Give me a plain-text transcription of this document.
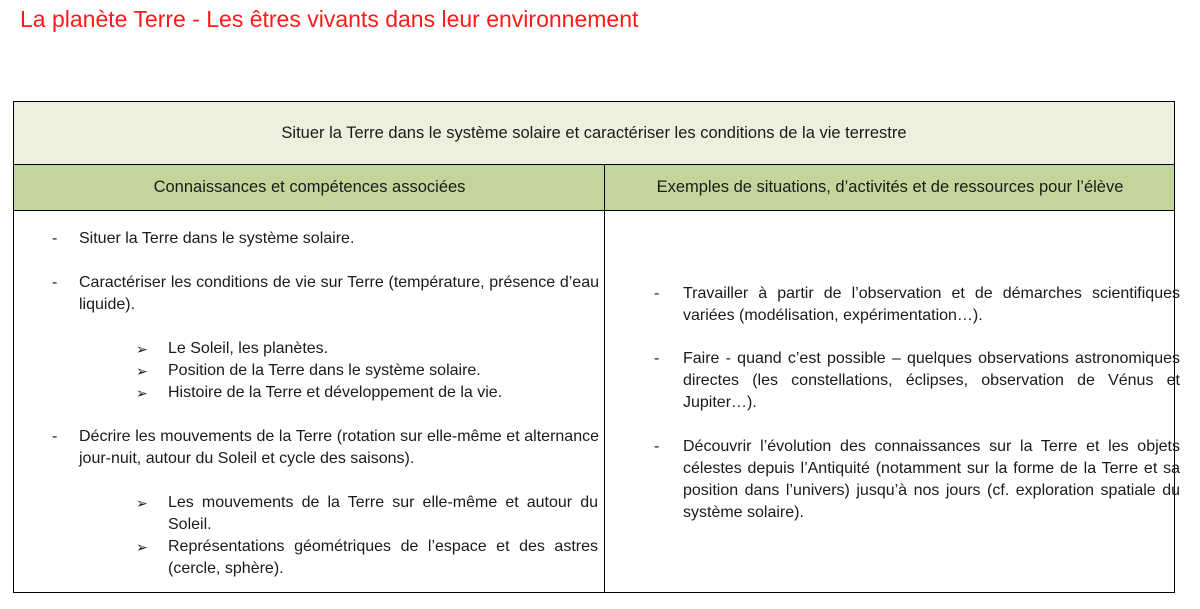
La planète Terre - Les êtres vivants dans leur environnement
Situer la Terre dans le système solaire et caractériser les conditions de la vie terrestre
Connaissances et compétences associées	Exemples de situations, d’activités et de ressources pour l’élève
- Situer la Terre dans le système solaire.
- Caractériser les conditions de vie sur Terre (température, présence d’eau liquide).
➢ Le Soleil, les planètes.
➢ Position de la Terre dans le système solaire.
➢ Histoire de la Terre et développement de la vie.
- Décrire les mouvements de la Terre (rotation sur elle-même et alternance jour-nuit, autour du Soleil et cycle des saisons).
➢ Les mouvements de la Terre sur elle-même et autour du Soleil.
➢ Représentations géométriques de l’espace et des astres (cercle, sphère).
- Travailler à partir de l’observation et de démarches scientifiques variées (modélisation, expérimentation…).
- Faire - quand c’est possible – quelques observations astronomiques directes (les constellations, éclipses, observation de Vénus et Jupiter…).
- Découvrir l’évolution des connaissances sur la Terre et les objets célestes depuis l’Antiquité (notamment sur la forme de la Terre et sa position dans l’univers) jusqu’à nos jours (cf. exploration spatiale du système solaire).
